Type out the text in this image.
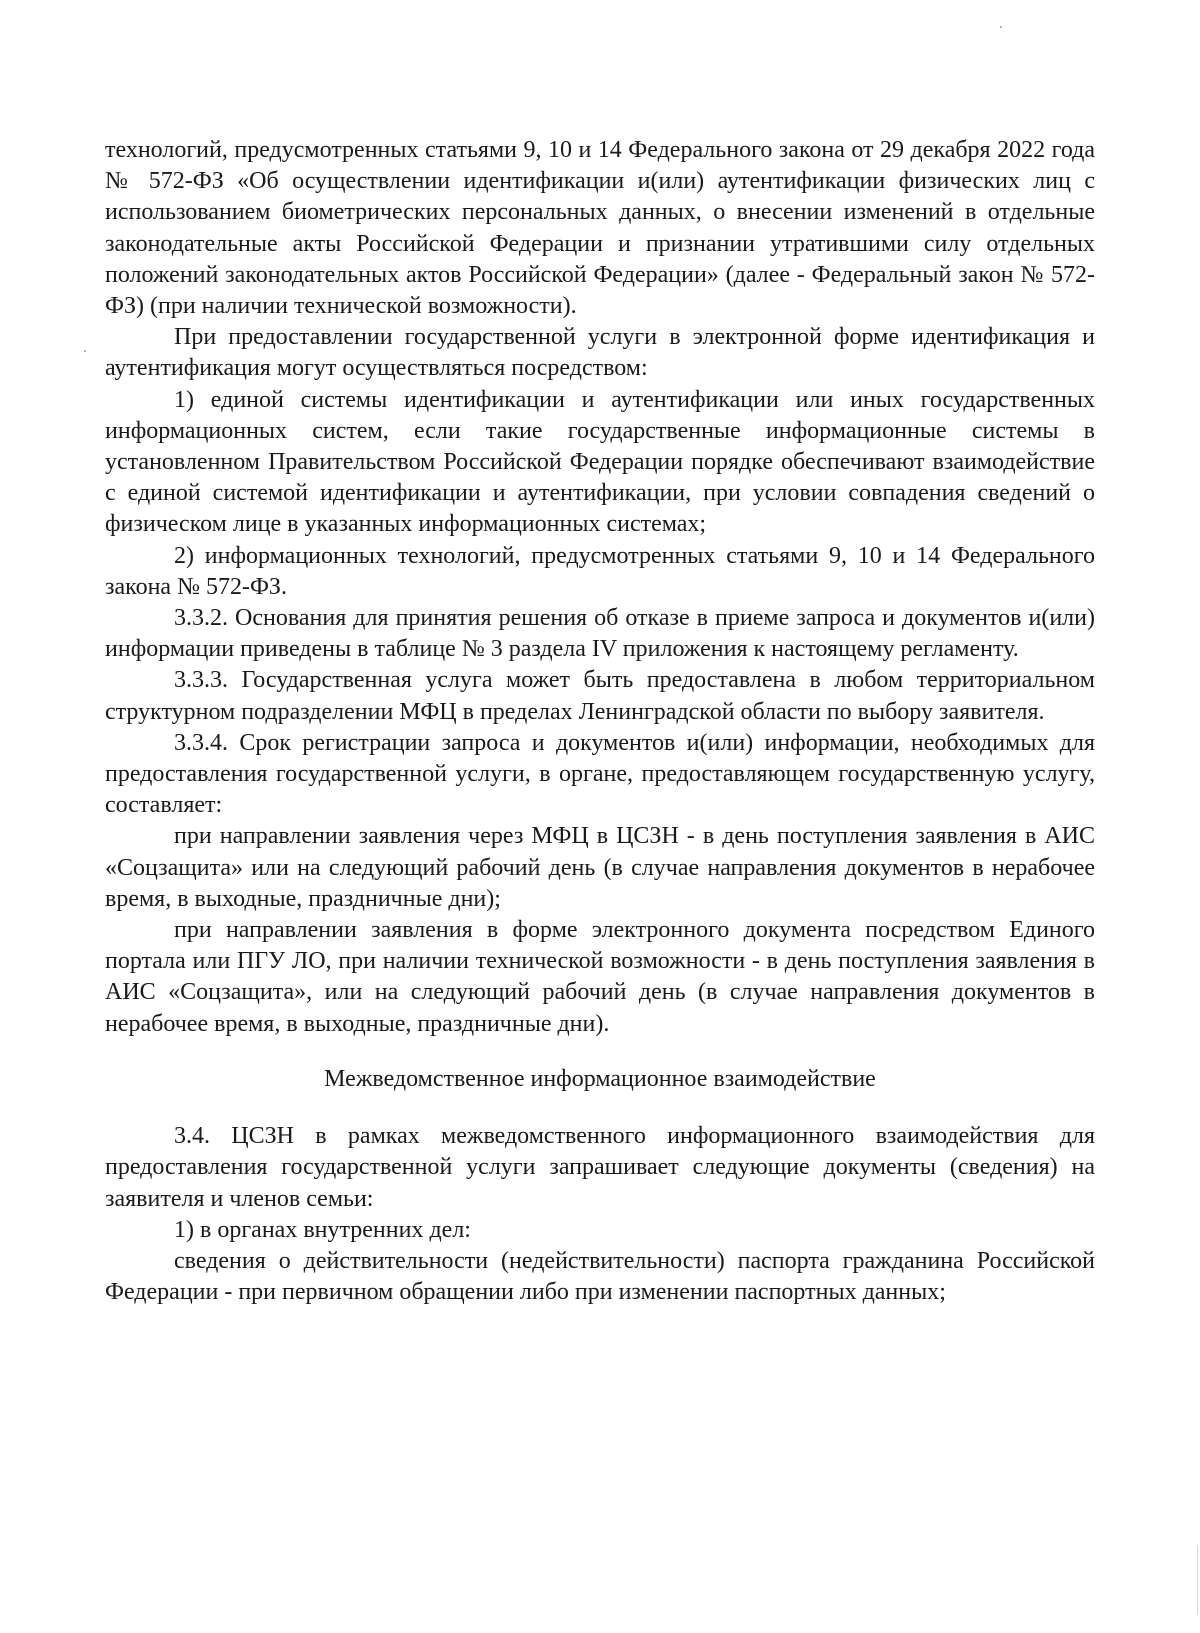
технологий, предусмотренных статьями 9, 10 и 14 Федерального закона от 29 декабря 2022 года № 572-ФЗ «Об осуществлении идентификации и(или) аутентификации физических лиц с использованием биометрических персональных данных, о внесении изменений в отдельные законодательные акты Российской Федерации и признании утратившими силу отдельных положений законодательных актов Российской Федерации» (далее - Федеральный закон № 572-ФЗ) (при наличии технической возможности).

При предоставлении государственной услуги в электронной форме идентификация и аутентификация могут осуществляться посредством:

1) единой системы идентификации и аутентификации или иных государственных информационных систем, если такие государственные информационные системы в установленном Правительством Российской Федерации порядке обеспечивают взаимодействие с единой системой идентификации и аутентификации, при условии совпадения сведений о физическом лице в указанных информационных системах;

2) информационных технологий, предусмотренных статьями 9, 10 и 14 Федерального закона № 572-ФЗ.

3.3.2. Основания для принятия решения об отказе в приеме запроса и документов и(или) информации приведены в таблице № 3 раздела IV приложения к настоящему регламенту.

3.3.3. Государственная услуга может быть предоставлена в любом территориальном структурном подразделении МФЦ в пределах Ленинградской области по выбору заявителя.

3.3.4. Срок регистрации запроса и документов и(или) информации, необходимых для предоставления государственной услуги, в органе, предоставляющем государственную услугу, составляет:

при направлении заявления через МФЦ в ЦСЗН - в день поступления заявления в АИС «Соцзащита» или на следующий рабочий день (в случае направления документов в нерабочее время, в выходные, праздничные дни);

при направлении заявления в форме электронного документа посредством Единого портала или ПГУ ЛО, при наличии технической возможности - в день поступления заявления в АИС «Соцзащита», или на следующий рабочий день (в случае направления документов в нерабочее время, в выходные, праздничные дни).

Межведомственное информационное взаимодействие

3.4. ЦСЗН в рамках межведомственного информационного взаимодействия для предоставления государственной услуги запрашивает следующие документы (сведения) на заявителя и членов семьи:

1) в органах внутренних дел:

сведения о действительности (недействительности) паспорта гражданина Российской Федерации - при первичном обращении либо при изменении паспортных данных;
